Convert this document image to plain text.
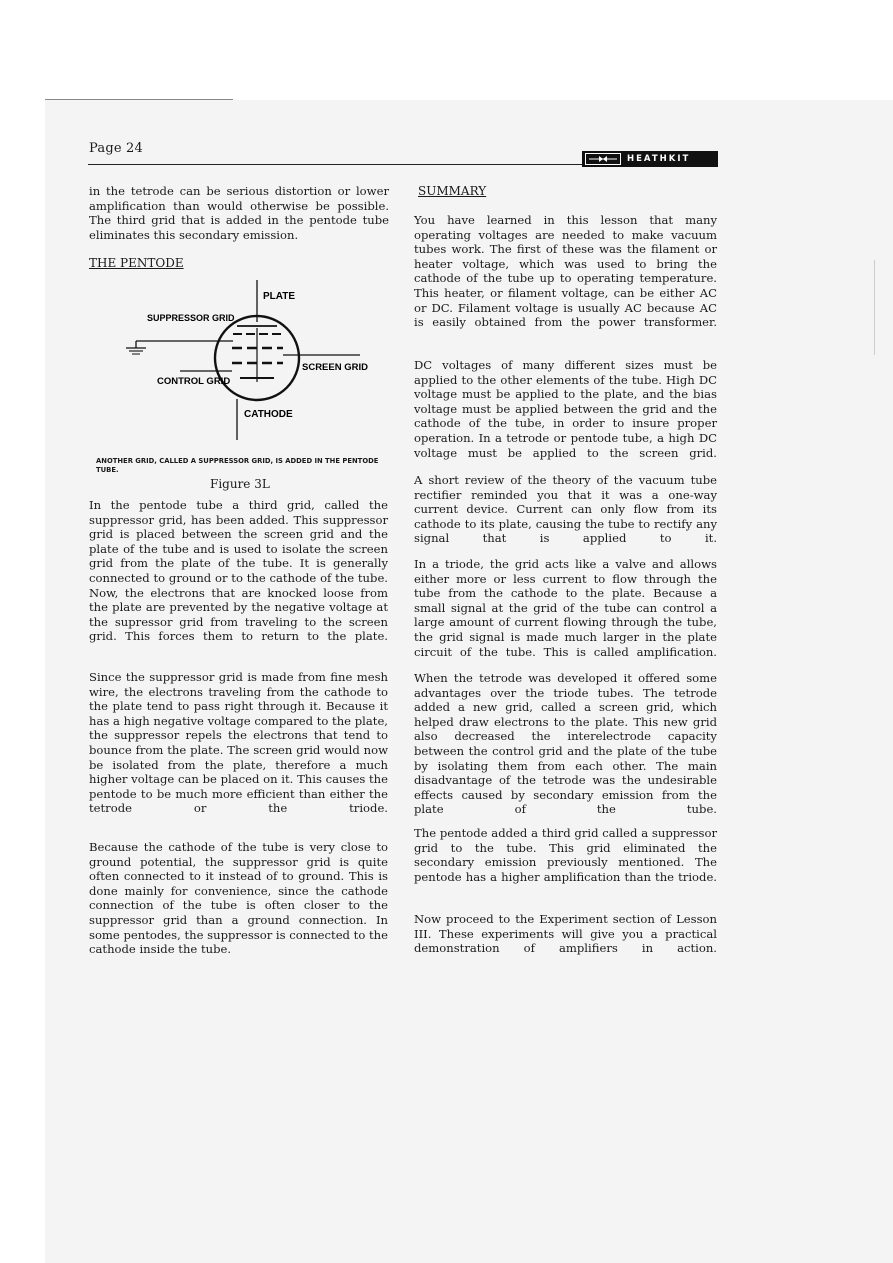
Page 24
HEATHKIT

in the tetrode can be serious distortion or lower amplification than would otherwise be possible. The third grid that is added in the pentode tube eliminates this secondary emission.

THE PENTODE

PLATE
SUPPRESSOR GRID
SCREEN GRID
CONTROL GRID
CATHODE

ANOTHER GRID, CALLED A SUPPRESSOR GRID, IS ADDED IN THE PENTODE TUBE.

Figure 3L

In the pentode tube a third grid, called the suppressor grid, has been added. This suppressor grid is placed between the screen grid and the plate of the tube and is used to isolate the screen grid from the plate of the tube. It is generally connected to ground or to the cathode of the tube. Now, the electrons that are knocked loose from the plate are prevented by the negative voltage at the supressor grid from traveling to the screen grid. This forces them to return to the plate.

Since the suppressor grid is made from fine mesh wire, the electrons traveling from the cathode to the plate tend to pass right through it. Because it has a high negative voltage compared to the plate, the suppressor repels the electrons that tend to bounce from the plate. The screen grid would now be isolated from the plate, therefore a much higher voltage can be placed on it. This causes the pentode to be much more efficient than either the tetrode or the triode.

Because the cathode of the tube is very close to ground potential, the suppressor grid is quite often connected to it instead of to ground. This is done mainly for convenience, since the cathode connection of the tube is often closer to the suppressor grid than a ground connection. In some pentodes, the suppressor is connected to the cathode inside the tube.

SUMMARY

You have learned in this lesson that many operating voltages are needed to make vacuum tubes work. The first of these was the filament or heater voltage, which was used to bring the cathode of the tube up to operating temperature. This heater, or filament voltage, can be either AC or DC. Filament voltage is usually AC because AC is easily obtained from the power transformer.

DC voltages of many different sizes must be applied to the other elements of the tube. High DC voltage must be applied to the plate, and the bias voltage must be applied between the grid and the cathode of the tube, in order to insure proper operation. In a tetrode or pentode tube, a high DC voltage must be applied to the screen grid.

A short review of the theory of the vacuum tube rectifier reminded you that it was a one-way current device. Current can only flow from its cathode to its plate, causing the tube to rectify any signal that is applied to it.

In a triode, the grid acts like a valve and allows either more or less current to flow through the tube from the cathode to the plate. Because a small signal at the grid of the tube can control a large amount of current flowing through the tube, the grid signal is made much larger in the plate circuit of the tube. This is called amplification.

When the tetrode was developed it offered some advantages over the triode tubes. The tetrode added a new grid, called a screen grid, which helped draw electrons to the plate. This new grid also decreased the interelectrode capacity between the control grid and the plate of the tube by isolating them from each other. The main disadvantage of the tetrode was the undesirable effects caused by secondary emission from the plate of the tube.

The pentode added a third grid called a suppressor grid to the tube. This grid eliminated the secondary emission previously mentioned. The pentode has a higher amplification than the triode.

Now proceed to the Experiment section of Lesson III. These experiments will give you a practical demonstration of amplifiers in action.
